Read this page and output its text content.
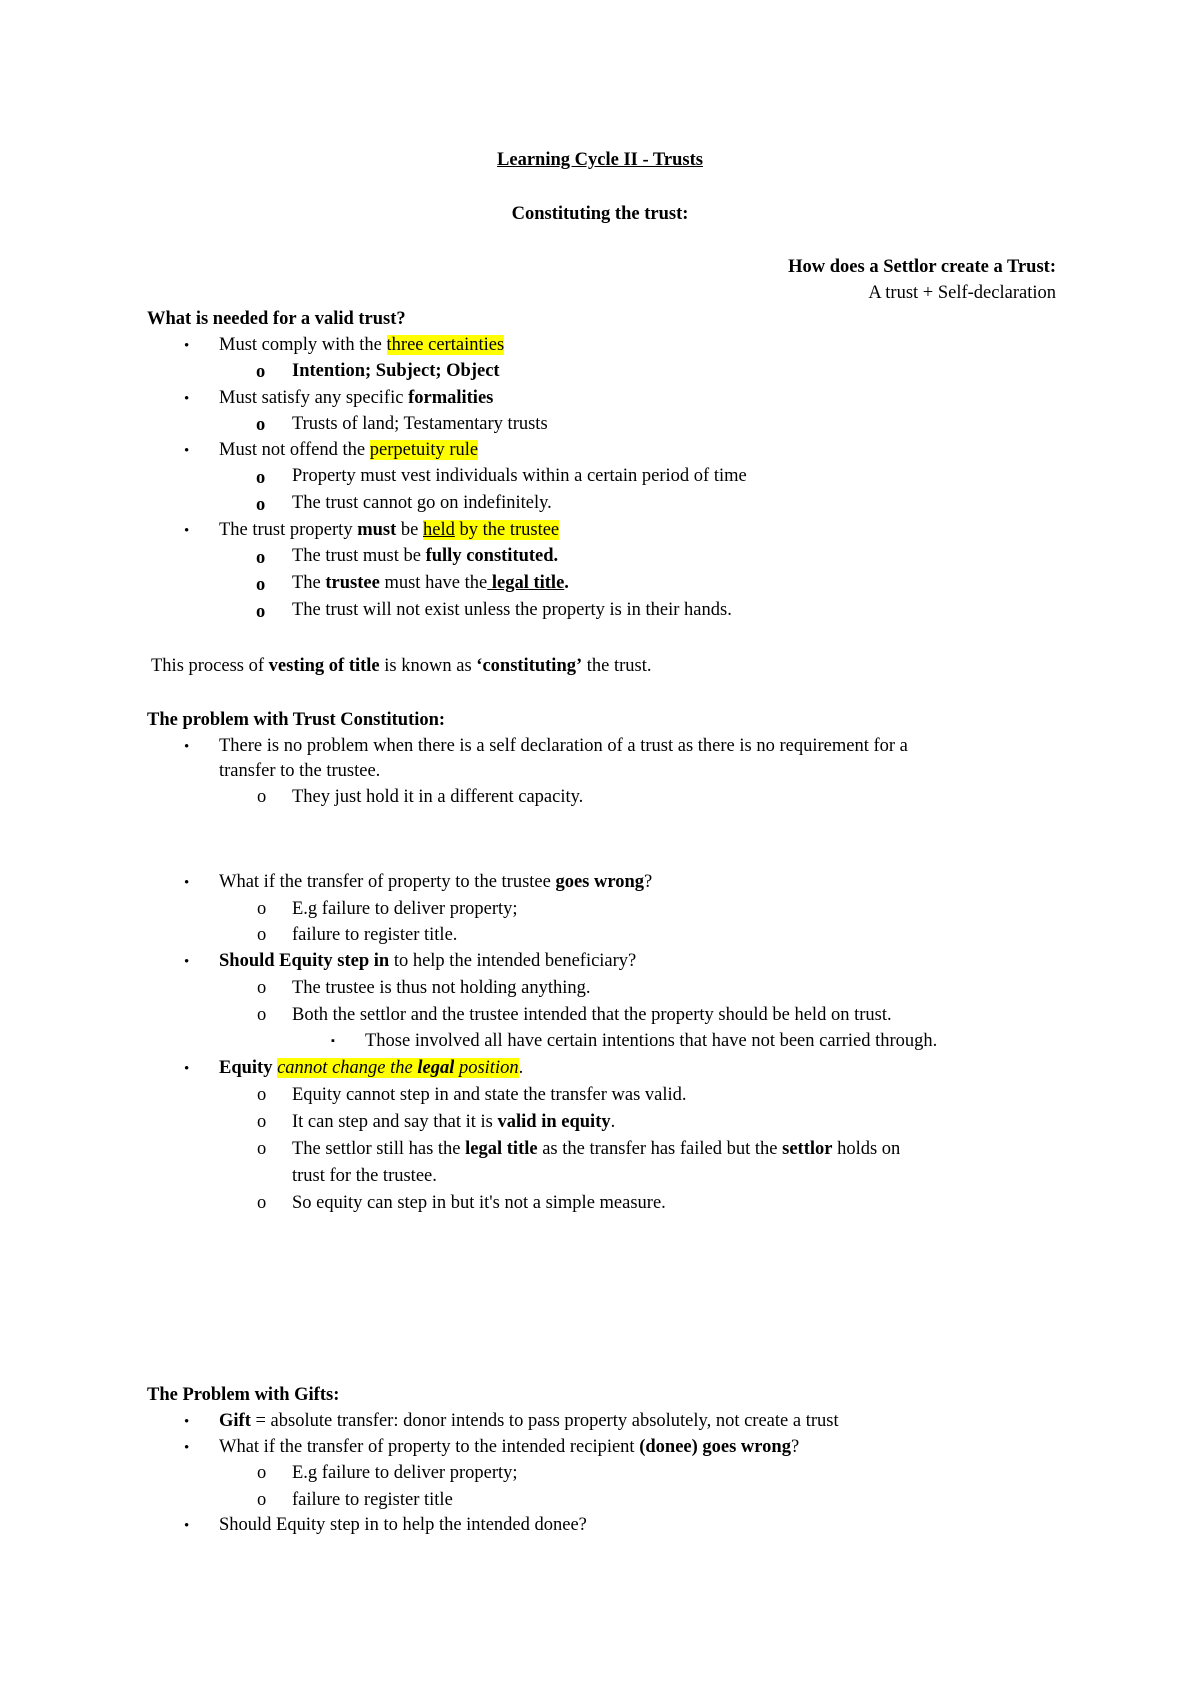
Learning Cycle II - Trusts
Constituting the trust:
How does a Settlor create a Trust:
A trust + Self-declaration
What is needed for a valid trust?
• Must comply with the three certainties
o Intention; Subject; Object
• Must satisfy any specific formalities
o Trusts of land; Testamentary trusts
• Must not offend the perpetuity rule
o Property must vest individuals within a certain period of time
o The trust cannot go on indefinitely.
• The trust property must be held by the trustee
o The trust must be fully constituted.
o The trustee must have the legal title.
o The trust will not exist unless the property is in their hands.
This process of vesting of title is known as ‘constituting’ the trust.
The problem with Trust Constitution:
• There is no problem when there is a self declaration of a trust as there is no requirement for a
transfer to the trustee.
o They just hold it in a different capacity.
• What if the transfer of property to the trustee goes wrong?
o E.g failure to deliver property;
o failure to register title.
• Should Equity step in to help the intended beneficiary?
o The trustee is thus not holding anything.
o Both the settlor and the trustee intended that the property should be held on trust.
▪ Those involved all have certain intentions that have not been carried through.
• Equity cannot change the legal position.
o Equity cannot step in and state the transfer was valid.
o It can step and say that it is valid in equity.
o The settlor still has the legal title as the transfer has failed but the settlor holds on
trust for the trustee.
o So equity can step in but it's not a simple measure.
The Problem with Gifts:
• Gift = absolute transfer: donor intends to pass property absolutely, not create a trust
• What if the transfer of property to the intended recipient (donee) goes wrong?
o E.g failure to deliver property;
o failure to register title
• Should Equity step in to help the intended donee?
